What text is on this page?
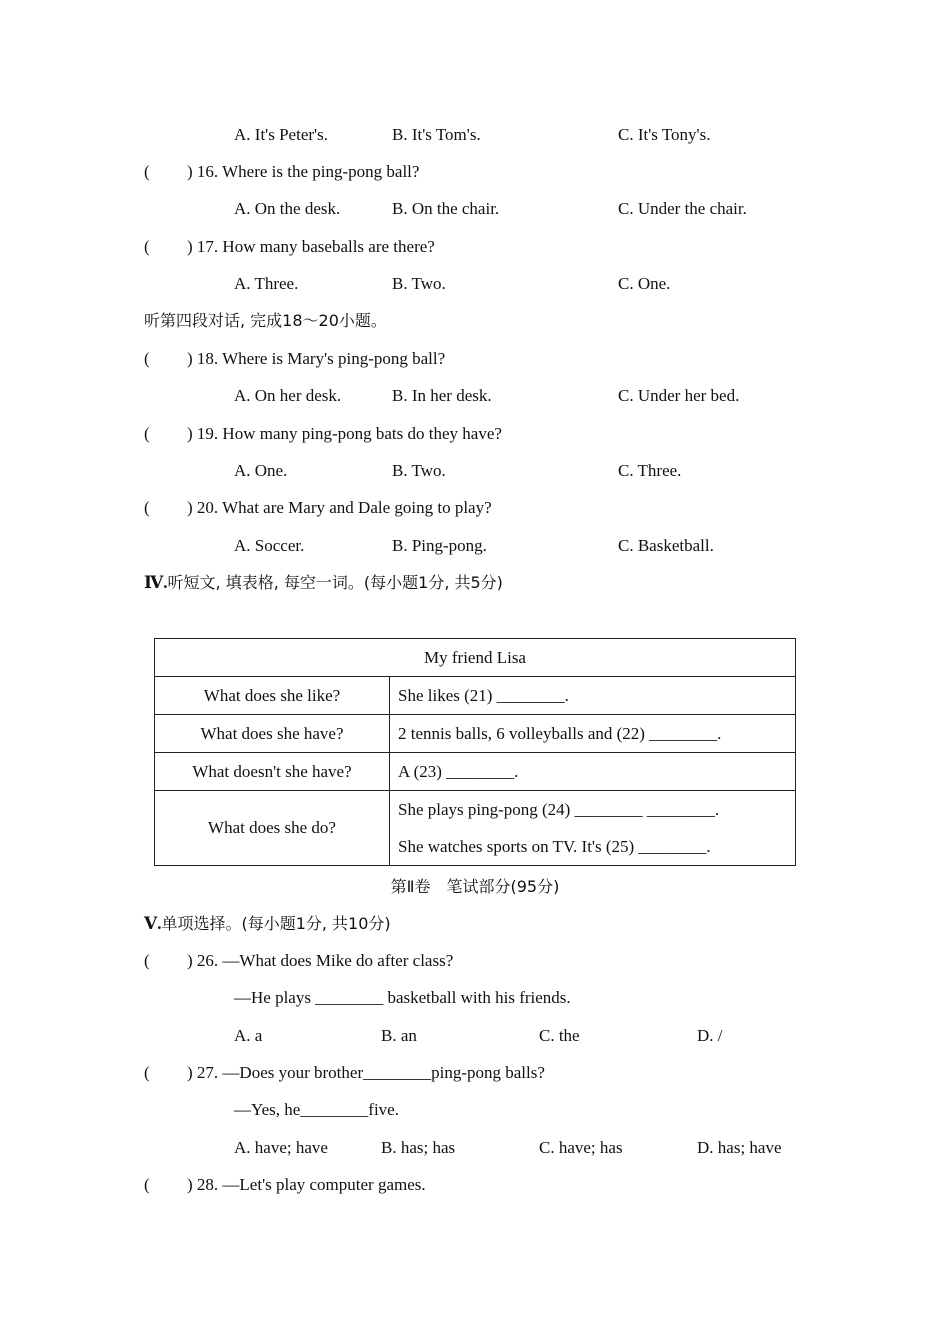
A. It's Peter's.	B. It's Tom's.	C. It's Tony's.
( ) 16. Where is the ping-pong ball?
A. On the desk.	B. On the chair.	C. Under the chair.
( ) 17. How many baseballs are there?
A. Three.	B. Two.	C. One.
听第四段对话, 完成18～20小题。
( ) 18. Where is Mary's ping-pong ball?
A. On her desk.	B. In her desk.	C. Under her bed.
( ) 19. How many ping-pong bats do they have?
A. One.	B. Two.	C. Three.
( ) 20. What are Mary and Dale going to play?
A. Soccer.	B. Ping-pong.	C. Basketball.
Ⅳ.听短文, 填表格, 每空一词。(每小题1分, 共5分)
My friend Lisa	
What does she like?	She likes (21) ________.
What does she have?	2 tennis balls, 6 volleyballs and (22) ________.
What doesn't she have?	A (23) ________.
What does she do?	She plays ping-pong (24) ________ ________.
She watches sports on TV. It's (25) ________.
第Ⅱ卷　笔试部分(95分)
Ⅴ.单项选择。(每小题1分, 共10分)
( ) 26. —What does Mike do after class?
—He plays ________ basketball with his friends.
A. a	B. an	C. the	D. /
( ) 27. —Does your brother________ping-pong balls?
—Yes, he________five.
A. have; have	B. has; has	C. have; has	D. has; have
( ) 28. —Let's play computer games.
